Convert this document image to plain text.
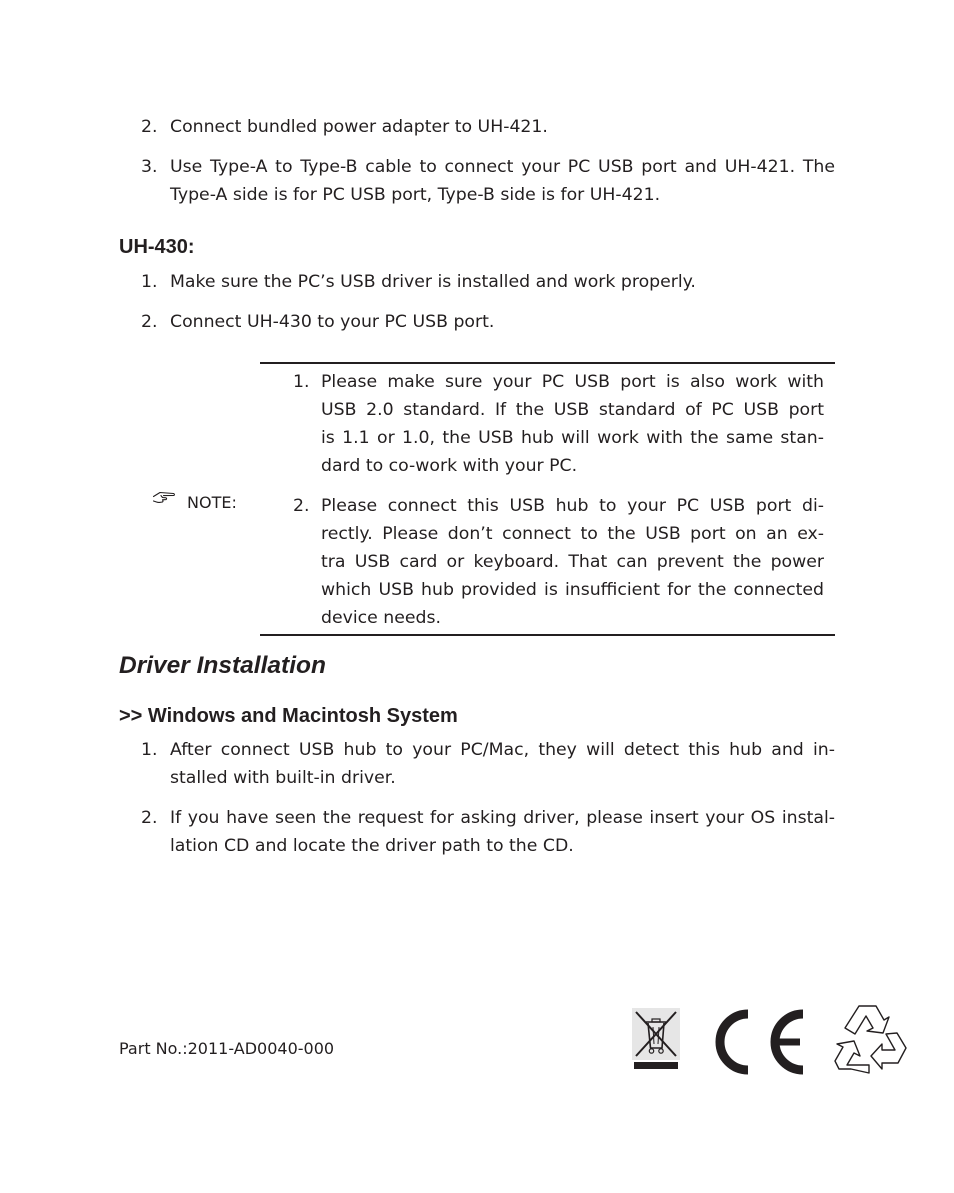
2. Connect bundled power adapter to UH-421.
3. Use Type-A to Type-B cable to connect your PC USB port and UH-421. The
Type-A side is for PC USB port, Type-B side is for UH-421.
UH-430:
1. Make sure the PC’s USB driver is installed and work properly.
2. Connect UH-430 to your PC USB port.
NOTE:
1. Please make sure your PC USB port is also work with
USB 2.0 standard. If the USB standard of PC USB port
is 1.1 or 1.0, the USB hub will work with the same stan-
dard to co-work with your PC.
2. Please connect this USB hub to your PC USB port di-
rectly. Please don’t connect to the USB port on an ex-
tra USB card or keyboard. That can prevent the power
which USB hub provided is insufficient for the connected
device needs.
Driver Installation
>> Windows and Macintosh System
1. After connect USB hub to your PC/Mac, they will detect this hub and in-
stalled with built-in driver.
2. If you have seen the request for asking driver, please insert your OS instal-
lation CD and locate the driver path to the CD.
Part No.:2011-AD0040-000
